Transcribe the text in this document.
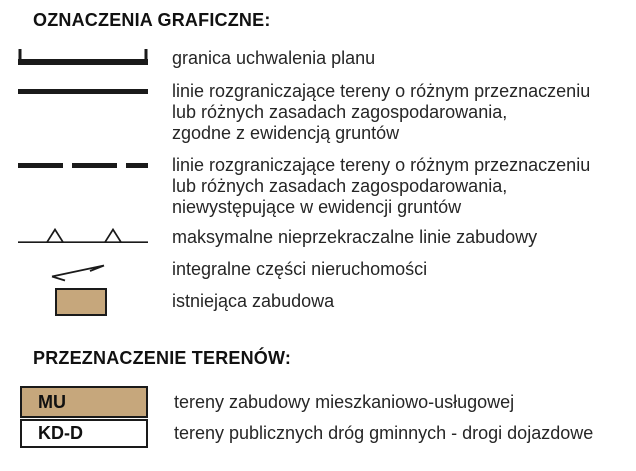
OZNACZENIA GRAFICZNE:
granica uchwalenia planu
linie rozgraniczające tereny o różnym przeznaczeniu
lub różnych zasadach zagospodarowania,
zgodne z ewidencją gruntów
linie rozgraniczające tereny o różnym przeznaczeniu
lub różnych zasadach zagospodarowania,
niewystępujące w ewidencji gruntów
maksymalne nieprzekraczalne linie zabudowy
integralne części nieruchomości
istniejąca zabudowa
PRZEZNACZENIE TERENÓW:
MU	tereny zabudowy mieszkaniowo-usługowej
KD-D	tereny publicznych dróg gminnych - drogi dojazdowe
